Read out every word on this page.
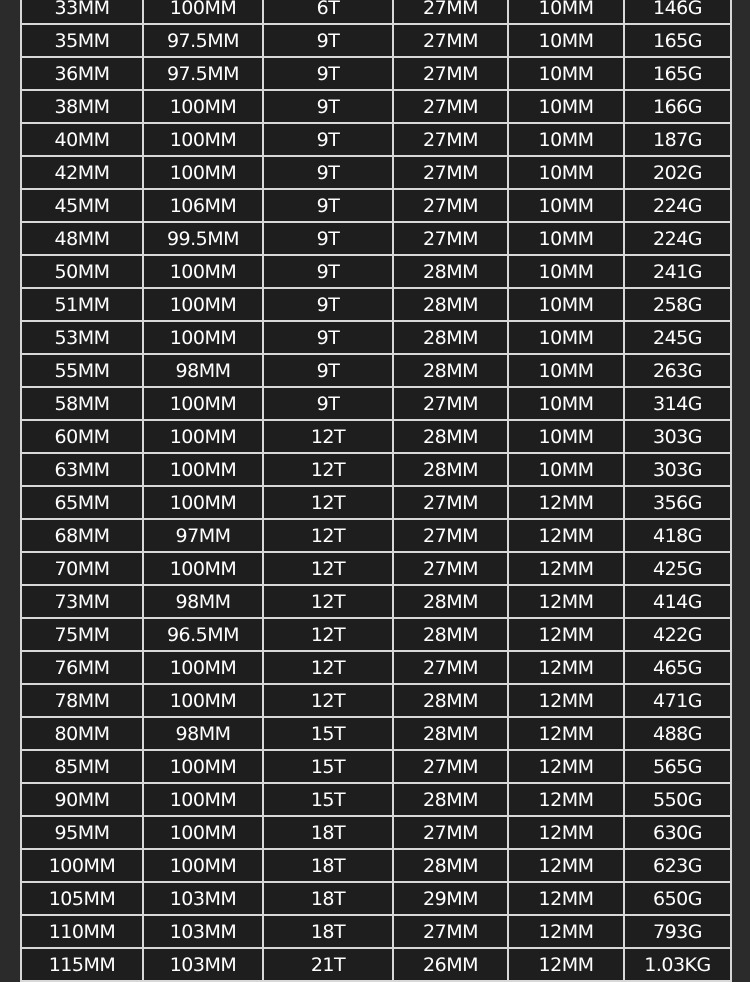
33MM	100MM	6T	27MM	10MM	146G
35MM	97.5MM	9T	27MM	10MM	165G
36MM	97.5MM	9T	27MM	10MM	165G
38MM	100MM	9T	27MM	10MM	166G
40MM	100MM	9T	27MM	10MM	187G
42MM	100MM	9T	27MM	10MM	202G
45MM	106MM	9T	27MM	10MM	224G
48MM	99.5MM	9T	27MM	10MM	224G
50MM	100MM	9T	28MM	10MM	241G
51MM	100MM	9T	28MM	10MM	258G
53MM	100MM	9T	28MM	10MM	245G
55MM	98MM	9T	28MM	10MM	263G
58MM	100MM	9T	27MM	10MM	314G
60MM	100MM	12T	28MM	10MM	303G
63MM	100MM	12T	28MM	10MM	303G
65MM	100MM	12T	27MM	12MM	356G
68MM	97MM	12T	27MM	12MM	418G
70MM	100MM	12T	27MM	12MM	425G
73MM	98MM	12T	28MM	12MM	414G
75MM	96.5MM	12T	28MM	12MM	422G
76MM	100MM	12T	27MM	12MM	465G
78MM	100MM	12T	28MM	12MM	471G
80MM	98MM	15T	28MM	12MM	488G
85MM	100MM	15T	27MM	12MM	565G
90MM	100MM	15T	28MM	12MM	550G
95MM	100MM	18T	27MM	12MM	630G
100MM	100MM	18T	28MM	12MM	623G
105MM	103MM	18T	29MM	12MM	650G
110MM	103MM	18T	27MM	12MM	793G
115MM	103MM	21T	26MM	12MM	1.03KG
